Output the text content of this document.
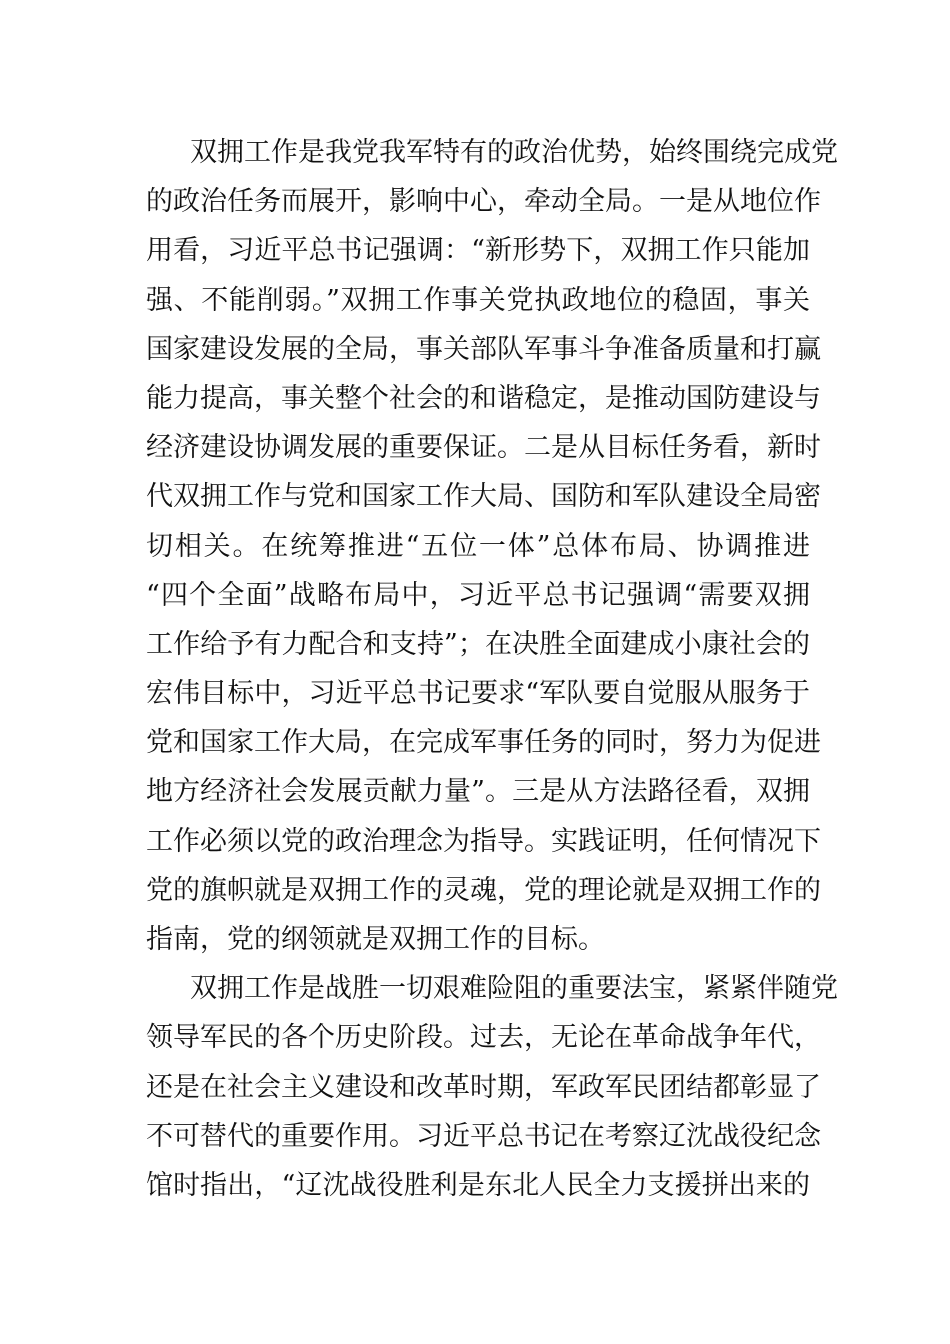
双拥工作是我党我军特有的政治优势，始终围绕完成党
的政治任务而展开，影响中心，牵动全局。一是从地位作
用看，习近平总书记强调：“新形势下，双拥工作只能加
强、不能削弱。”双拥工作事关党执政地位的稳固，事关
国家建设发展的全局，事关部队军事斗争准备质量和打赢
能力提高，事关整个社会的和谐稳定，是推动国防建设与
经济建设协调发展的重要保证。二是从目标任务看，新时
代双拥工作与党和国家工作大局、国防和军队建设全局密
切相关。在统筹推进“五位一体”总体布局、协调推进
“四个全面”战略布局中，习近平总书记强调“需要双拥
工作给予有力配合和支持”；在决胜全面建成小康社会的
宏伟目标中，习近平总书记要求“军队要自觉服从服务于
党和国家工作大局，在完成军事任务的同时，努力为促进
地方经济社会发展贡献力量”。三是从方法路径看，双拥
工作必须以党的政治理念为指导。实践证明，任何情况下
党的旗帜就是双拥工作的灵魂，党的理论就是双拥工作的
指南，党的纲领就是双拥工作的目标。
双拥工作是战胜一切艰难险阻的重要法宝，紧紧伴随党
领导军民的各个历史阶段。过去，无论在革命战争年代，
还是在社会主义建设和改革时期，军政军民团结都彰显了
不可替代的重要作用。习近平总书记在考察辽沈战役纪念
馆时指出，“辽沈战役胜利是东北人民全力支援拼出来的
